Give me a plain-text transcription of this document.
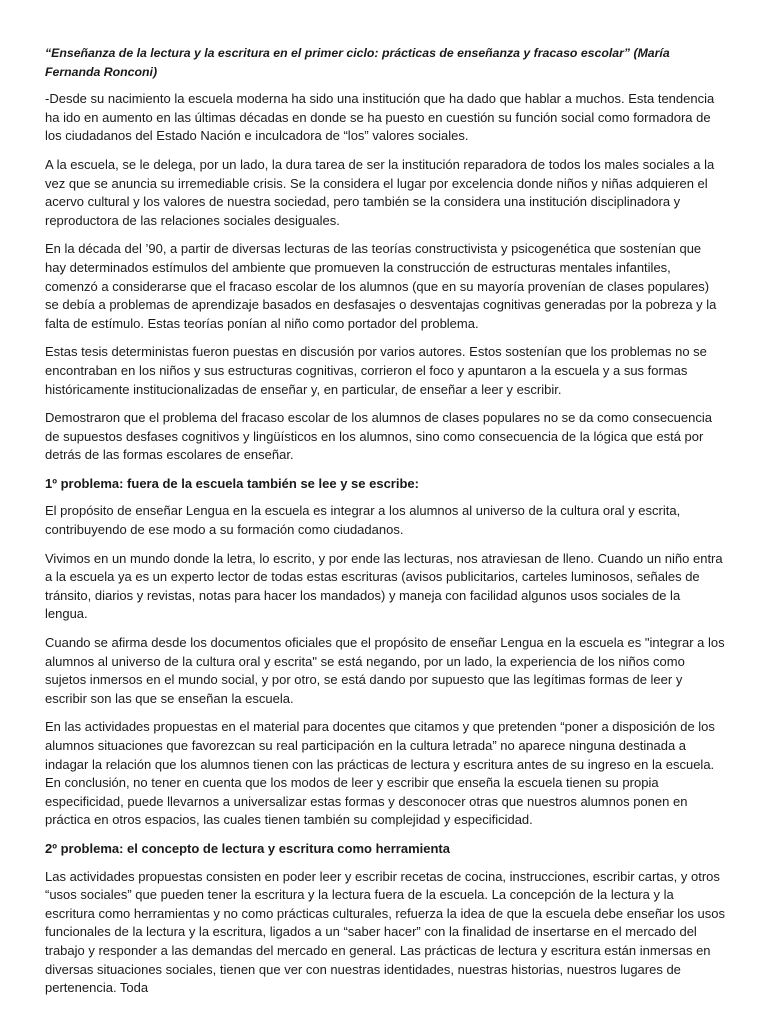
“Enseñanza de la lectura y la escritura en el primer ciclo: prácticas de enseñanza y fracaso escolar” (María Fernanda Ronconi)

-Desde su nacimiento la escuela moderna ha sido una institución que ha dado que hablar a muchos. Esta tendencia ha ido en aumento en las últimas décadas en donde se ha puesto en cuestión su función social como formadora de los ciudadanos del Estado Nación e inculcadora de “los” valores sociales.

A la escuela, se le delega, por un lado, la dura tarea de ser la institución reparadora de todos los males sociales a la vez que se anuncia su irremediable crisis. Se la considera el lugar por excelencia donde niños y niñas adquieren el acervo cultural y los valores de nuestra sociedad, pero también se la considera una institución disciplinadora y reproductora de las relaciones sociales desiguales.

En la década del ’90, a partir de diversas lecturas de las teorías constructivista y psicogenética que sostenían que hay determinados estímulos del ambiente que promueven la construcción de estructuras mentales infantiles, comenzó a considerarse que el fracaso escolar de los alumnos (que en su mayoría provenían de clases populares) se debía a problemas de aprendizaje basados en desfasajes o desventajas cognitivas generadas por la pobreza y la falta de estímulo. Estas teorías ponían al niño como portador del problema.

Estas tesis deterministas fueron puestas en discusión por varios autores. Estos sostenían que los problemas no se encontraban en los niños y sus estructuras cognitivas, corrieron el foco y apuntaron a la escuela y a sus formas históricamente institucionalizadas de enseñar y, en particular, de enseñar a leer y escribir.

Demostraron que el problema del fracaso escolar de los alumnos de clases populares no se da como consecuencia de supuestos desfases cognitivos y lingüísticos en los alumnos, sino como consecuencia de la lógica que está por detrás de las formas escolares de enseñar.

1º problema: fuera de la escuela también se lee y se escribe:

El propósito de enseñar Lengua en la escuela es integrar a los alumnos al universo de la cultura oral y escrita, contribuyendo de ese modo a su formación como ciudadanos.

Vivimos en un mundo donde la letra, lo escrito, y por ende las lecturas, nos atraviesan de lleno. Cuando un niño entra a la escuela ya es un experto lector de todas estas escrituras (avisos publicitarios, carteles luminosos, señales de tránsito, diarios y revistas, notas para hacer los mandados) y maneja con facilidad algunos usos sociales de la lengua.

Cuando se afirma desde los documentos oficiales que el propósito de enseñar Lengua en la escuela es "integrar a los alumnos al universo de la cultura oral y escrita" se está negando, por un lado, la experiencia de los niños como sujetos inmersos en el mundo social, y por otro, se está dando por supuesto que las legítimas formas de leer y escribir son las que se enseñan la escuela.

En las actividades propuestas en el material para docentes que citamos y que pretenden “poner a disposición de los alumnos situaciones que favorezcan su real participación en la cultura letrada” no aparece ninguna destinada a indagar la relación que los alumnos tienen con las prácticas de lectura y escritura antes de su ingreso en la escuela. En conclusión, no tener en cuenta que los modos de leer y escribir que enseña la escuela tienen su propia especificidad, puede llevarnos a universalizar estas formas y desconocer otras que nuestros alumnos ponen en práctica en otros espacios, las cuales tienen también su complejidad y especificidad.

2º problema: el concepto de lectura y escritura como herramienta

Las actividades propuestas consisten en poder leer y escribir recetas de cocina, instrucciones, escribir cartas, y otros “usos sociales” que pueden tener la escritura y la lectura fuera de la escuela. La concepción de la lectura y la escritura como herramientas y no como prácticas culturales, refuerza la idea de que la escuela debe enseñar los usos funcionales de la lectura y la escritura, ligados a un “saber hacer” con la finalidad de insertarse en el mercado del trabajo y responder a las demandas del mercado en general. Las prácticas de lectura y escritura están inmersas en diversas situaciones sociales, tienen que ver con nuestras identidades, nuestras historias, nuestros lugares de pertenencia. Toda
